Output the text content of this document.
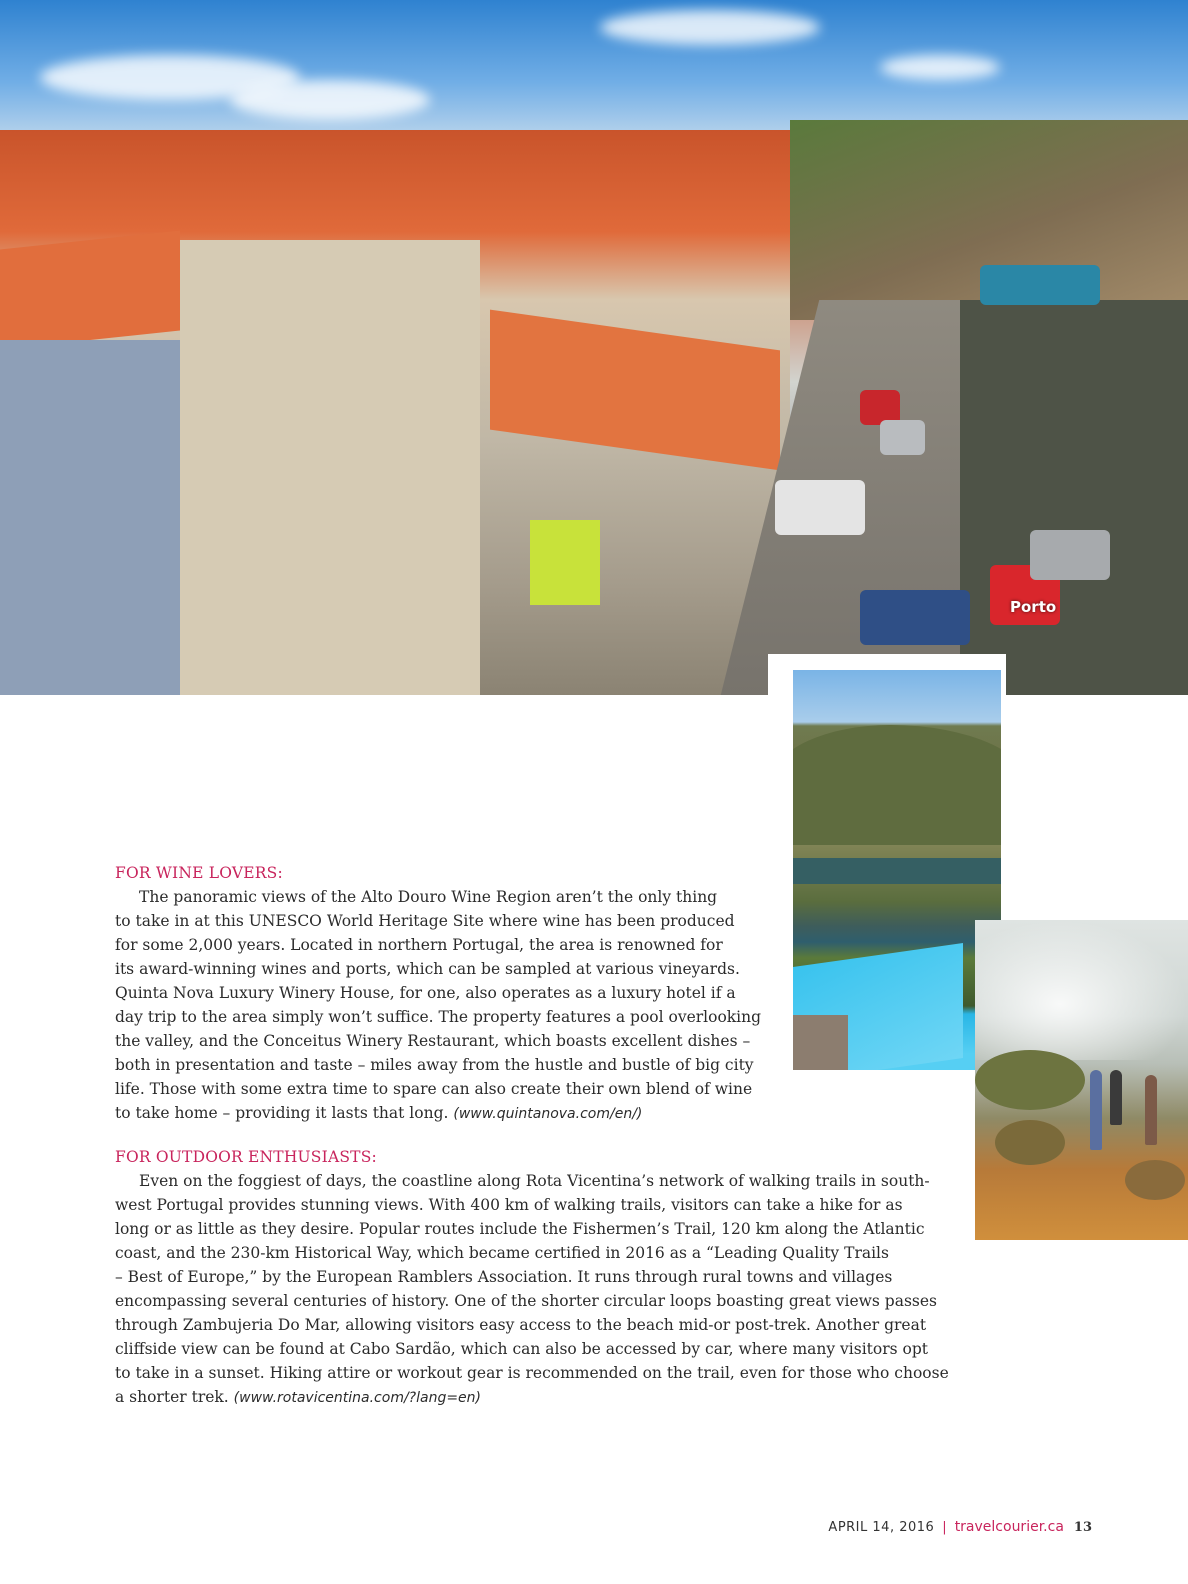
Porto

FOR WINE LOVERS:

The panoramic views of the Alto Douro Wine Region aren’t the only thing
to take in at this UNESCO World Heritage Site where wine has been produced
for some 2,000 years. Located in northern Portugal, the area is renowned for
its award-winning wines and ports, which can be sampled at various vineyards.
Quinta Nova Luxury Winery House, for one, also operates as a luxury hotel if a
day trip to the area simply won’t suffice. The property features a pool overlooking
the valley, and the Conceitus Winery Restaurant, which boasts excellent dishes –
both in presentation and taste – miles away from the hustle and bustle of big city
life. Those with some extra time to spare can also create their own blend of wine
to take home – providing it lasts that long. (www.quintanova.com/en/)

FOR OUTDOOR ENTHUSIASTS:

Even on the foggiest of days, the coastline along Rota Vicentina’s network of walking trails in south-
west Portugal provides stunning views. With 400 km of walking trails, visitors can take a hike for as
long or as little as they desire. Popular routes include the Fishermen’s Trail, 120 km along the Atlantic
coast, and the 230-km Historical Way, which became certified in 2016 as a “Leading Quality Trails
– Best of Europe,” by the European Ramblers Association. It runs through rural towns and villages
encompassing several centuries of history. One of the shorter circular loops boasting great views passes
through Zambujeria Do Mar, allowing visitors easy access to the beach mid-or post-trek. Another great
cliffside view can be found at Cabo Sardão, which can also be accessed by car, where many visitors opt
to take in a sunset. Hiking attire or workout gear is recommended on the trail, even for those who choose
a shorter trek. (www.rotavicentina.com/?lang=en)

APRIL 14, 2016 | travelcourier.ca 13
